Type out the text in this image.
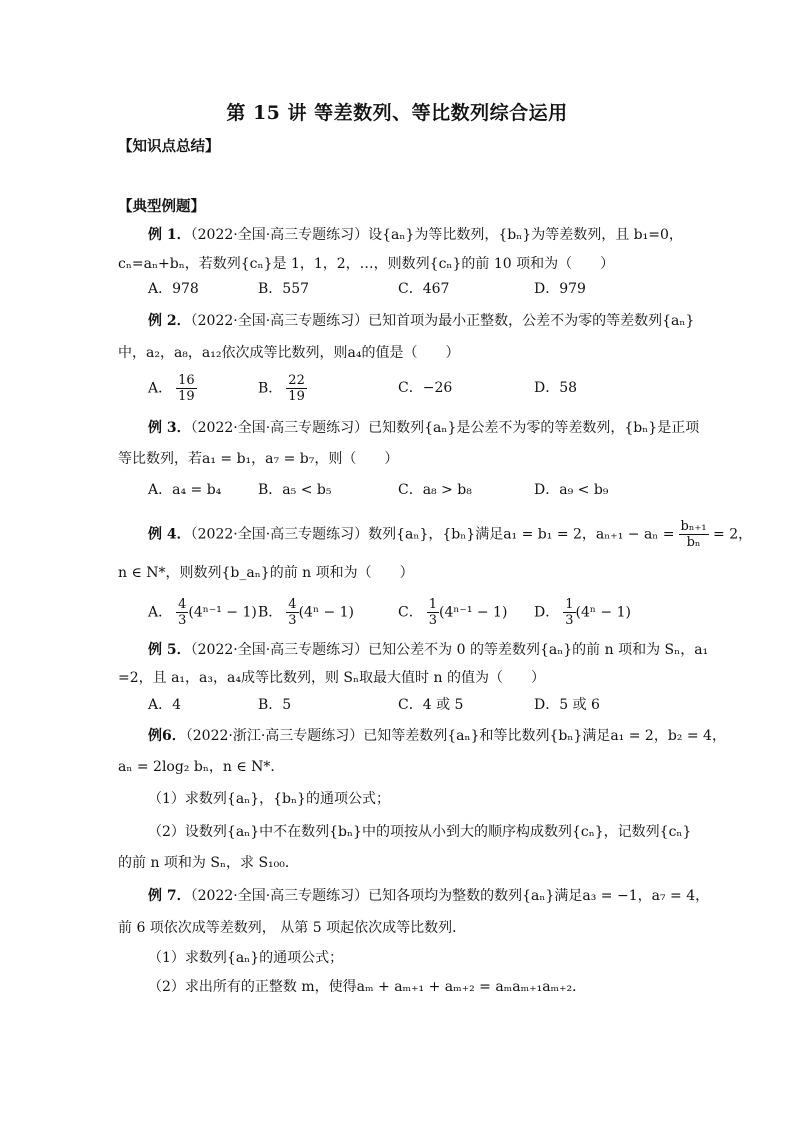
第 15 讲 等差数列、等比数列综合运用
【知识点总结】
【典型例题】
例 1．（2022·全国·高三专题练习）设{aₙ}为等比数列，{bₙ}为等差数列，且 b₁=0，
cₙ=aₙ+bₙ，若数列{cₙ}是 1，1，2，…，则数列{cₙ}的前 10 项和为（　　）
A．978	B．557	C．467	D．979
例 2．（2022·全国·高三专题练习）已知首项为最小正整数，公差不为零的等差数列{aₙ}
中，a₂，a₈，a₁₂依次成等比数列，则a₄的值是（　　）
A． $\frac{16}{19}$	B． $\frac{22}{19}$	C．−26	D．58
例 3．（2022·全国·高三专题练习）已知数列{aₙ}是公差不为零的等差数列，{bₙ}是正项
等比数列，若a₁ = b₁，a₇ = b₇，则（　　）
A．a₄ = b₄	B．a₅ < b₅	C．a₈ > b₈	D．a₉ < b₉
例 4．（2022·全国·高三专题练习）数列{aₙ}，{bₙ}满足a₁ = b₁ = 2，$a_{n+1} - a_n = \frac{\text{bₙ₊₁}}{\text{bₙ}} = 2$，
n ∈ N*，则数列{b_aₙ}的前 n 项和为（　　）
A． $\frac{4}{3} (4^{n-1} - 1)$ B． $\frac{4}{3} (4^n - 1)$	C． $\frac{1}{3} (4^{n-1} - 1)$ D． $\frac{1}{3} (4^n - 1)$
例 5．（2022·全国·高三专题练习）已知公差不为 0 的等差数列{aₙ}的前 n 项和为 Sₙ，a₁
=2，且 a₁，a₃，a₄成等比数列，则 Sₙ取最大值时 n 的值为（　　）
A．4	B．5	C．4 或 5	D．5 或 6
例6．（2022·浙江·高三专题练习）已知等差数列{aₙ}和等比数列{bₙ}满足a₁ = 2，b₂ = 4，
aₙ = 2log₂ bₙ，n ∈ N*．
（1）求数列{aₙ}，{bₙ}的通项公式；
（2）设数列{aₙ}中不在数列{bₙ}中的项按从小到大的顺序构成数列{cₙ}，记数列{cₙ}
的前 n 项和为 Sₙ，求 S₁₀₀．
例 7．（2022·全国·高三专题练习）已知各项均为整数的数列{aₙ}满足a₃ = −1，a₇ = 4，
前 6 项依次成等差数列， 从第 5 项起依次成等比数列．
（1）求数列{aₙ}的通项公式；
（2）求出所有的正整数 m，使得aₘ + aₘ₊₁ + aₘ₊₂ = aₘaₘ₊₁aₘ₊₂．
